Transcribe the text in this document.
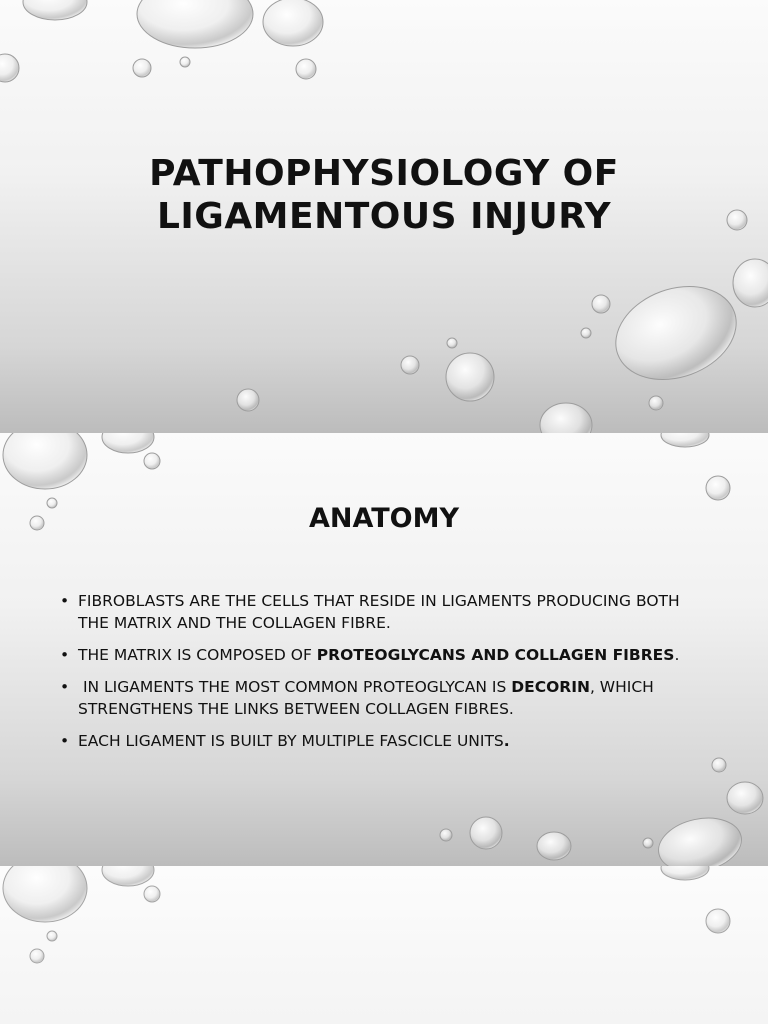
PATHOPHYSIOLOGY OF
LIGAMENTOUS INJURY
ANATOMY
• FIBROBLASTS ARE THE CELLS THAT RESIDE IN LIGAMENTS PRODUCING BOTH THE MATRIX AND THE COLLAGEN FIBRE.
• THE MATRIX IS COMPOSED OF PROTEOGLYCANS AND COLLAGEN FIBRES.
•  IN LIGAMENTS THE MOST COMMON PROTEOGLYCAN IS DECORIN, WHICH STRENGTHENS THE LINKS BETWEEN COLLAGEN FIBRES.
• EACH LIGAMENT IS BUILT BY MULTIPLE FASCICLE UNITS.
